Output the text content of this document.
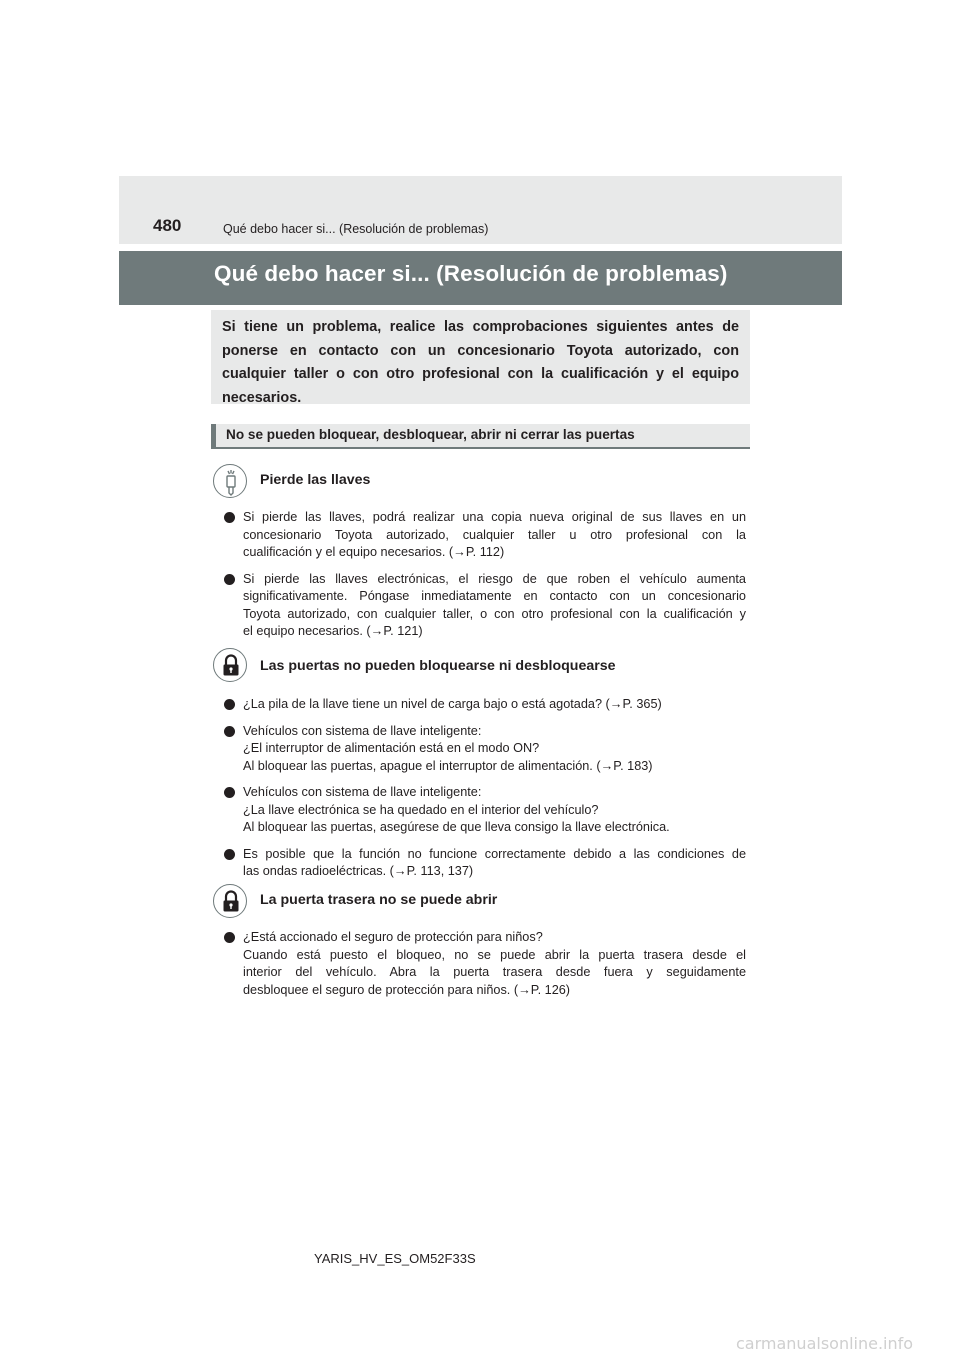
480	Qué debo hacer si... (Resolución de problemas)
Qué debo hacer si... (Resolución de problemas)
Si tiene un problema, realice las comprobaciones siguientes antes de ponerse en contacto con un concesionario Toyota autorizado, con cualquier taller o con otro profesional con la cualificación y el equipo necesarios.
No se pueden bloquear, desbloquear, abrir ni cerrar las puertas
Pierde las llaves
Si pierde las llaves, podrá realizar una copia nueva original de sus llaves en un
concesionario Toyota autorizado, cualquier taller u otro profesional con la
cualificación y el equipo necesarios. (→P. 112)
Si pierde las llaves electrónicas, el riesgo de que roben el vehículo aumenta
significativamente. Póngase inmediatamente en contacto con un concesionario
Toyota autorizado, con cualquier taller, o con otro profesional con la cualificación y
el equipo necesarios. (→P. 121)
Las puertas no pueden bloquearse ni desbloquearse
¿La pila de la llave tiene un nivel de carga bajo o está agotada? (→P. 365)
Vehículos con sistema de llave inteligente:
¿El interruptor de alimentación está en el modo ON?
Al bloquear las puertas, apague el interruptor de alimentación. (→P. 183)
Vehículos con sistema de llave inteligente:
¿La llave electrónica se ha quedado en el interior del vehículo?
Al bloquear las puertas, asegúrese de que lleva consigo la llave electrónica.
Es posible que la función no funcione correctamente debido a las condiciones de
las ondas radioeléctricas. (→P. 113, 137)
La puerta trasera no se puede abrir
¿Está accionado el seguro de protección para niños?
Cuando está puesto el bloqueo, no se puede abrir la puerta trasera desde el
interior del vehículo. Abra la puerta trasera desde fuera y seguidamente
desbloquee el seguro de protección para niños. (→P. 126)
YARIS_HV_ES_OM52F33S
carmanualsonline.info
